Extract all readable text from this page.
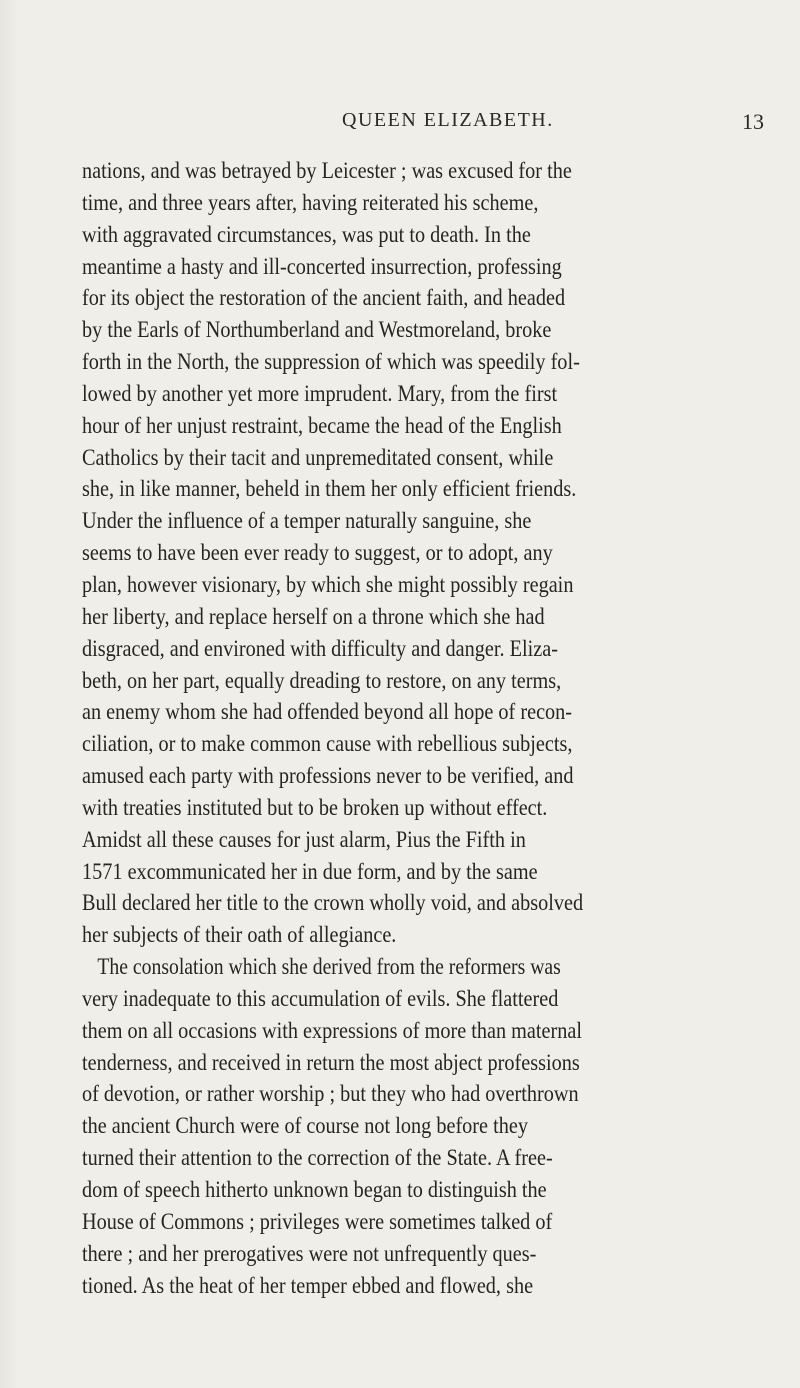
QUEEN ELIZABETH.	13
nations, and was betrayed by Leicester ; was excused for the
time, and three years after, having reiterated his scheme,
with aggravated circumstances, was put to death. In the
meantime a hasty and ill-concerted insurrection, professing
for its object the restoration of the ancient faith, and headed
by the Earls of Northumberland and Westmoreland, broke
forth in the North, the suppression of which was speedily fol-
lowed by another yet more imprudent. Mary, from the first
hour of her unjust restraint, became the head of the English
Catholics by their tacit and unpremeditated consent, while
she, in like manner, beheld in them her only efficient friends.
Under the influence of a temper naturally sanguine, she
seems to have been ever ready to suggest, or to adopt, any
plan, however visionary, by which she might possibly regain
her liberty, and replace herself on a throne which she had
disgraced, and environed with difficulty and danger. Eliza-
beth, on her part, equally dreading to restore, on any terms,
an enemy whom she had offended beyond all hope of recon-
ciliation, or to make common cause with rebellious subjects,
amused each party with professions never to be verified, and
with treaties instituted but to be broken up without effect.
Amidst all these causes for just alarm, Pius the Fifth in
1571 excommunicated her in due form, and by the same
Bull declared her title to the crown wholly void, and absolved
her subjects of their oath of allegiance.
The consolation which she derived from the reformers was
very inadequate to this accumulation of evils. She flattered
them on all occasions with expressions of more than maternal
tenderness, and received in return the most abject professions
of devotion, or rather worship ; but they who had overthrown
the ancient Church were of course not long before they
turned their attention to the correction of the State. A free-
dom of speech hitherto unknown began to distinguish the
House of Commons ; privileges were sometimes talked of
there ; and her prerogatives were not unfrequently ques-
tioned. As the heat of her temper ebbed and flowed, she
